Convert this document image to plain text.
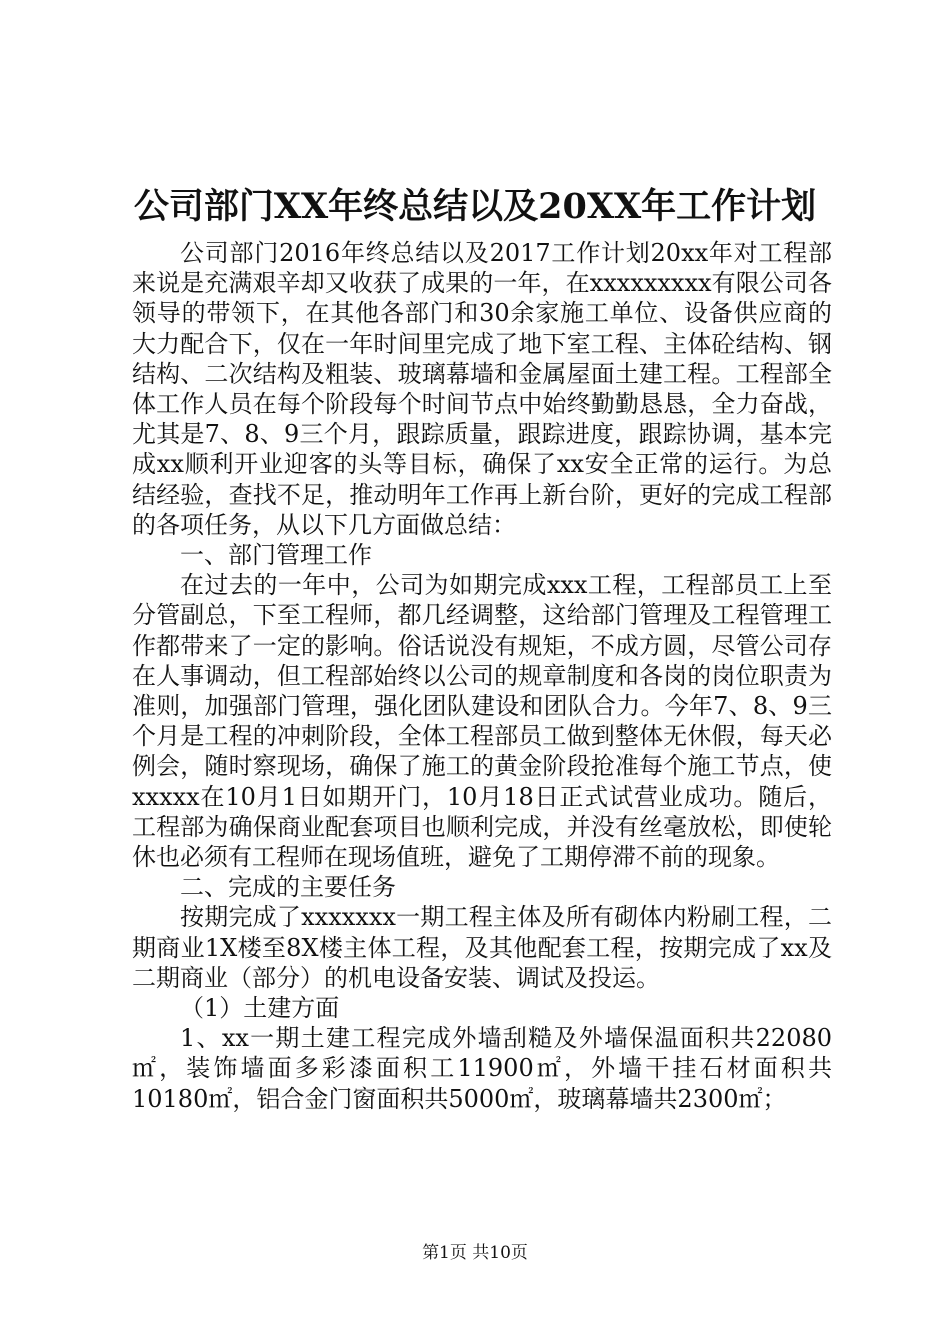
公司部门XX年终总结以及20XX年工作计划

公司部门2016年终总结以及2017工作计划20xx年对工程部来说是充满艰辛却又收获了成果的一年，在xxxxxxxxx有限公司各领导的带领下，在其他各部门和30余家施工单位、设备供应商的大力配合下，仅在一年时间里完成了地下室工程、主体砼结构、钢结构、二次结构及粗装、玻璃幕墙和金属屋面土建工程。工程部全体工作人员在每个阶段每个时间节点中始终勤勤恳恳，全力奋战，尤其是7、8、9三个月，跟踪质量，跟踪进度，跟踪协调，基本完成xx顺利开业迎客的头等目标，确保了xx安全正常的运行。为总结经验，查找不足，推动明年工作再上新台阶，更好的完成工程部的各项任务，从以下几方面做总结：

一、部门管理工作

在过去的一年中，公司为如期完成xxx工程，工程部员工上至分管副总，下至工程师，都几经调整，这给部门管理及工程管理工作都带来了一定的影响。俗话说没有规矩，不成方圆，尽管公司存在人事调动，但工程部始终以公司的规章制度和各岗的岗位职责为准则，加强部门管理，强化团队建设和团队合力。今年7、8、9三个月是工程的冲刺阶段，全体工程部员工做到整体无休假，每天必例会，随时察现场，确保了施工的黄金阶段抢准每个施工节点，使xxxxx在10月1日如期开门，10月18日正式试营业成功。随后，工程部为确保商业配套项目也顺利完成，并没有丝毫放松，即使轮休也必须有工程师在现场值班，避免了工期停滞不前的现象。

二、完成的主要任务

按期完成了xxxxxxx一期工程主体及所有砌体内粉刷工程，二期商业1X楼至8X楼主体工程，及其他配套工程，按期完成了xx及二期商业（部分）的机电设备安装、调试及投运。

（1）土建方面

1、xx一期土建工程完成外墙刮糙及外墙保温面积共22080㎡，装饰墙面多彩漆面积工11900㎡，外墙干挂石材面积共10180㎡，铝合金门窗面积共5000㎡，玻璃幕墙共2300㎡；

第1页 共10页
